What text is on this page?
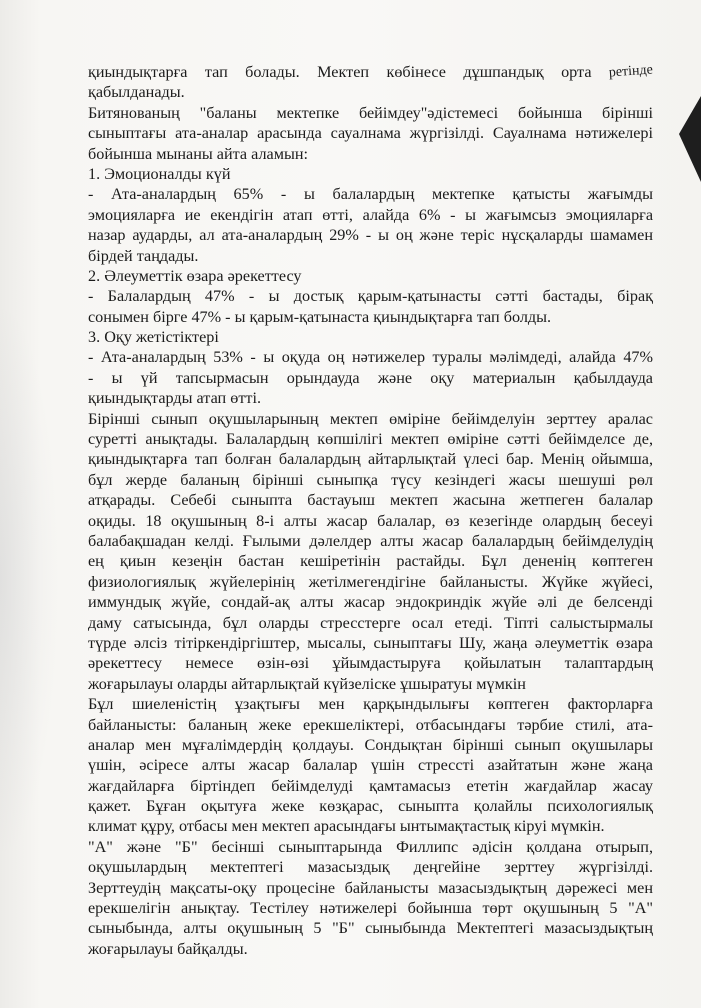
қиындықтарға тап болады. Мектеп көбінесе дұшпандық орта ретінде
қабылданады.
Битянованың "баланы мектепке бейімдеу"әдістемесі бойынша бірінші
сыныптағы ата-аналар арасында сауалнама жүргізілді. Сауалнама нәтижелері
бойынша мынаны айта аламын:
1. Эмоционалды күй
- Ата-аналардың 65% - ы балалардың мектепке қатысты жағымды
эмоцияларға ие екендігін атап өтті, алайда 6% - ы жағымсыз эмоцияларға
назар аударды, ал ата-аналардың 29% - ы оң және теріс нұсқаларды шамамен
бірдей таңдады.
2. Әлеуметтік өзара әрекеттесу
- Балалардың 47% - ы достық қарым-қатынасты сәтті бастады, бірақ
сонымен бірге 47% - ы қарым-қатынаста қиындықтарға тап болды.
3. Оқу жетістіктері
- Ата-аналардың 53% - ы оқуда оң нәтижелер туралы мәлімдеді, алайда 47%
- ы үй тапсырмасын орындауда және оқу материалын қабылдауда
қиындықтарды атап өтті.
Бірінші сынып оқушыларының мектеп өміріне бейімделуін зерттеу аралас
суретті анықтады. Балалардың көпшілігі мектеп өміріне сәтті бейімделсе де,
қиындықтарға тап болған балалардың айтарлықтай үлесі бар. Менің ойымша,
бұл жерде баланың бірінші сыныпқа түсу кезіндегі жасы шешуші рөл
атқарады. Себебі сыныпта бастауыш мектеп жасына жетпеген балалар
оқиды. 18 оқушының 8-і алты жасар балалар, өз кезегінде олардың бесеуі
балабақшадан келді. Ғылыми дәлелдер алты жасар балалардың бейімделудің
ең қиын кезеңін бастан кешіретінін растайды. Бұл дененің көптеген
физиологиялық жүйелерінің жетілмегендігіне байланысты. Жүйке жүйесі,
иммундық жүйе, сондай-ақ алты жасар эндокриндік жүйе әлі де белсенді
даму сатысында, бұл оларды стресстерге осал етеді. Тіпті салыстырмалы
түрде әлсіз тітіркендіргіштер, мысалы, сыныптағы Шу, жаңа әлеуметтік өзара
әрекеттесу немесе өзін-өзі ұйымдастыруға қойылатын талаптардың
жоғарылауы оларды айтарлықтай күйзеліске ұшыратуы мүмкін
Бұл шиеленістің ұзақтығы мен қарқындылығы көптеген факторларға
байланысты: баланың жеке ерекшеліктері, отбасындағы тәрбие стилі, ата-
аналар мен мұғалімдердің қолдауы. Сондықтан бірінші сынып оқушылары
үшін, әсіресе алты жасар балалар үшін стрессті азайтатын және жаңа
жағдайларға біртіндеп бейімделуді қамтамасыз ететін жағдайлар жасау
қажет. Бұған оқытуға жеке көзқарас, сыныпта қолайлы психологиялық
климат құру, отбасы мен мектеп арасындағы ынтымақтастық кіруі мүмкін.
"А" және "Б" бесінші сыныптарында Филлипс әдісін қолдана отырып,
оқушылардың мектептегі мазасыздық деңгейіне зерттеу жүргізілді.
Зерттеудің мақсаты-оқу процесіне байланысты мазасыздықтың дәрежесі мен
ерекшелігін анықтау. Тестілеу нәтижелері бойынша төрт оқушының 5 "А"
сыныбында, алты оқушының 5 "Б" сыныбында Мектептегі мазасыздықтың
жоғарылауы байқалды.
